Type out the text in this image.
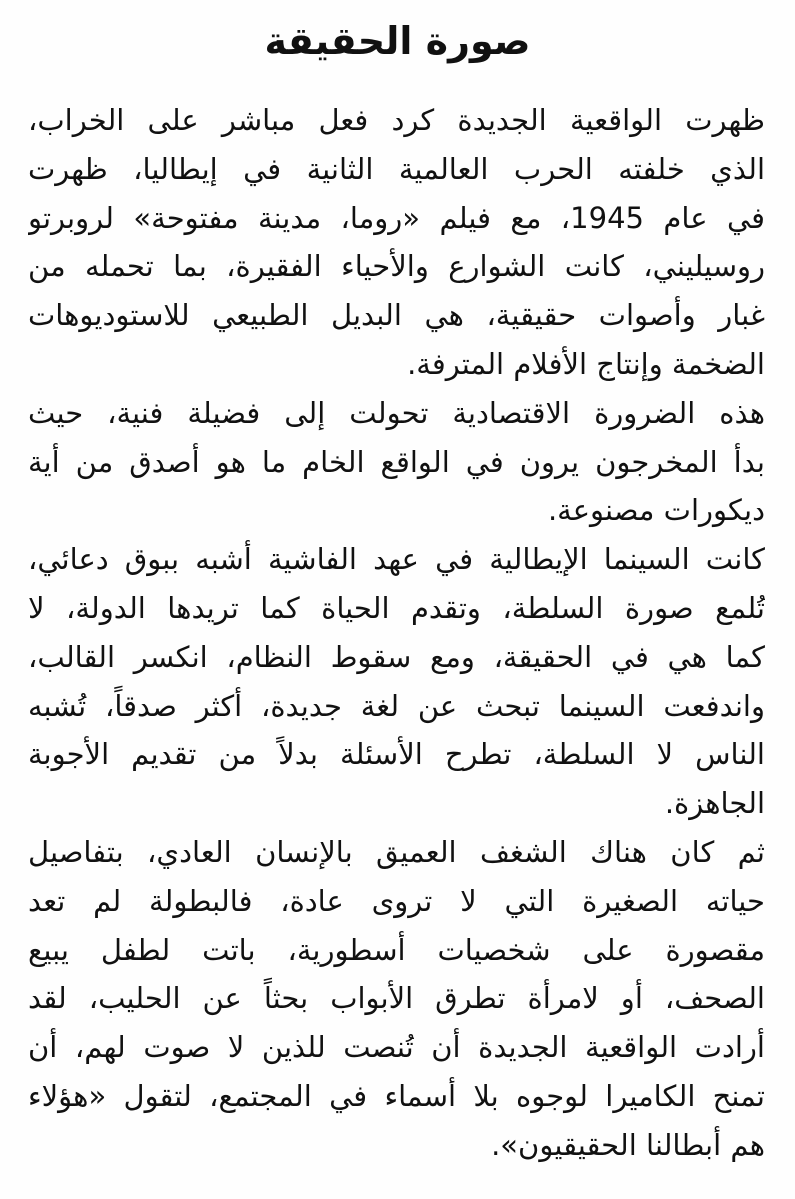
صورة الحقيقة
ظهرت الواقعية الجديدة كرد فعل مباشر على الخراب،
الذي خلفته الحرب العالمية الثانية في إيطاليا، ظهرت
في عام 1945، مع فيلم «روما، مدينة مفتوحة» لروبرتو
روسيليني، كانت الشوارع والأحياء الفقيرة، بما تحمله من
غبار وأصوات حقيقية، هي البديل الطبيعي للاستوديوهات
الضخمة وإنتاج الأفلام المترفة.
هذه الضرورة الاقتصادية تحولت إلى فضيلة فنية، حيث
بدأ المخرجون يرون في الواقع الخام ما هو أصدق من أية
ديكورات مصنوعة.
كانت السينما الإيطالية في عهد الفاشية أشبه ببوق دعائي،
تُلمع صورة السلطة، وتقدم الحياة كما تريدها الدولة، لا
كما هي في الحقيقة، ومع سقوط النظام، انكسر القالب،
واندفعت السينما تبحث عن لغة جديدة، أكثر صدقاً، تُشبه
الناس لا السلطة، تطرح الأسئلة بدلاً من تقديم الأجوبة
الجاهزة.
ثم كان هناك الشغف العميق بالإنسان العادي، بتفاصيل
حياته الصغيرة التي لا تروى عادة، فالبطولة لم تعد
مقصورة على شخصيات أسطورية، باتت لطفل يبيع
الصحف، أو لامرأة تطرق الأبواب بحثاً عن الحليب، لقد
أرادت الواقعية الجديدة أن تُنصت للذين لا صوت لهم، أن
تمنح الكاميرا لوجوه بلا أسماء في المجتمع، لتقول «هؤلاء
هم أبطالنا الحقيقيون».
